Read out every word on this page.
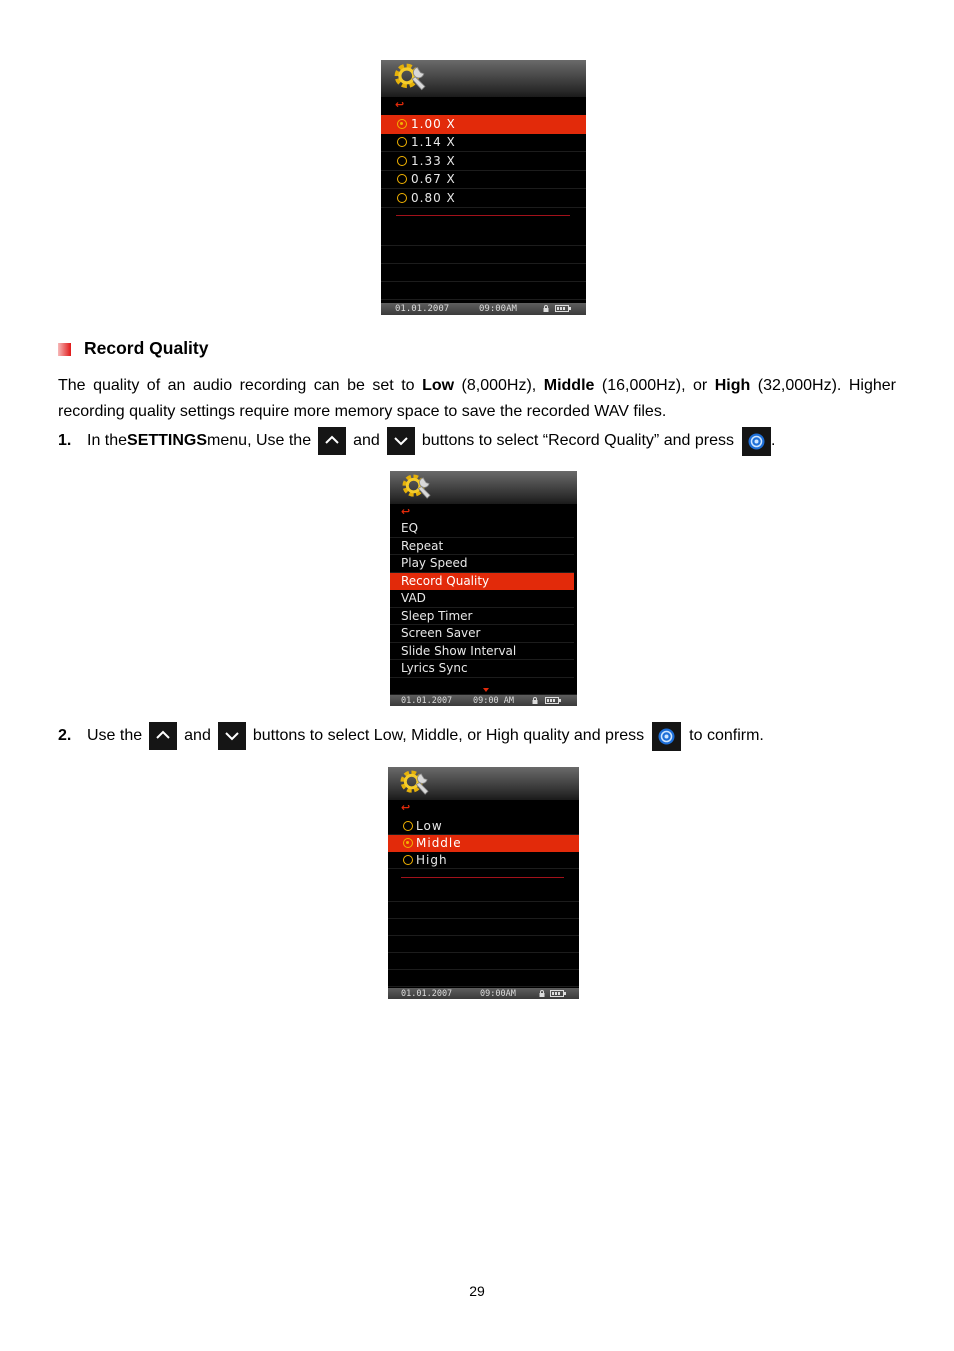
↩
1.00 X
1.14 X
1.33 X
0.67 X
0.80 X
01.01.2007	09:00AM
Record Quality
The quality of an audio recording can be set to Low (8,000Hz), Middle (16,000Hz), or High (32,000Hz). Higher recording quality settings require more memory space to save the recorded WAV files.
1. In the SETTINGS menu, Use the	and	buttons to select “Record Quality” and press .
↩
EQ
Repeat
Play Speed
Record Quality
VAD
Sleep Timer
Screen Saver
Slide Show Interval
Lyrics Sync
01.01.2007 09:00 AM
2. Use the	and	buttons to select Low, Middle, or High quality and press	to confirm.
↩
Low
Middle
High
01.01.2007	09:00AM
29
